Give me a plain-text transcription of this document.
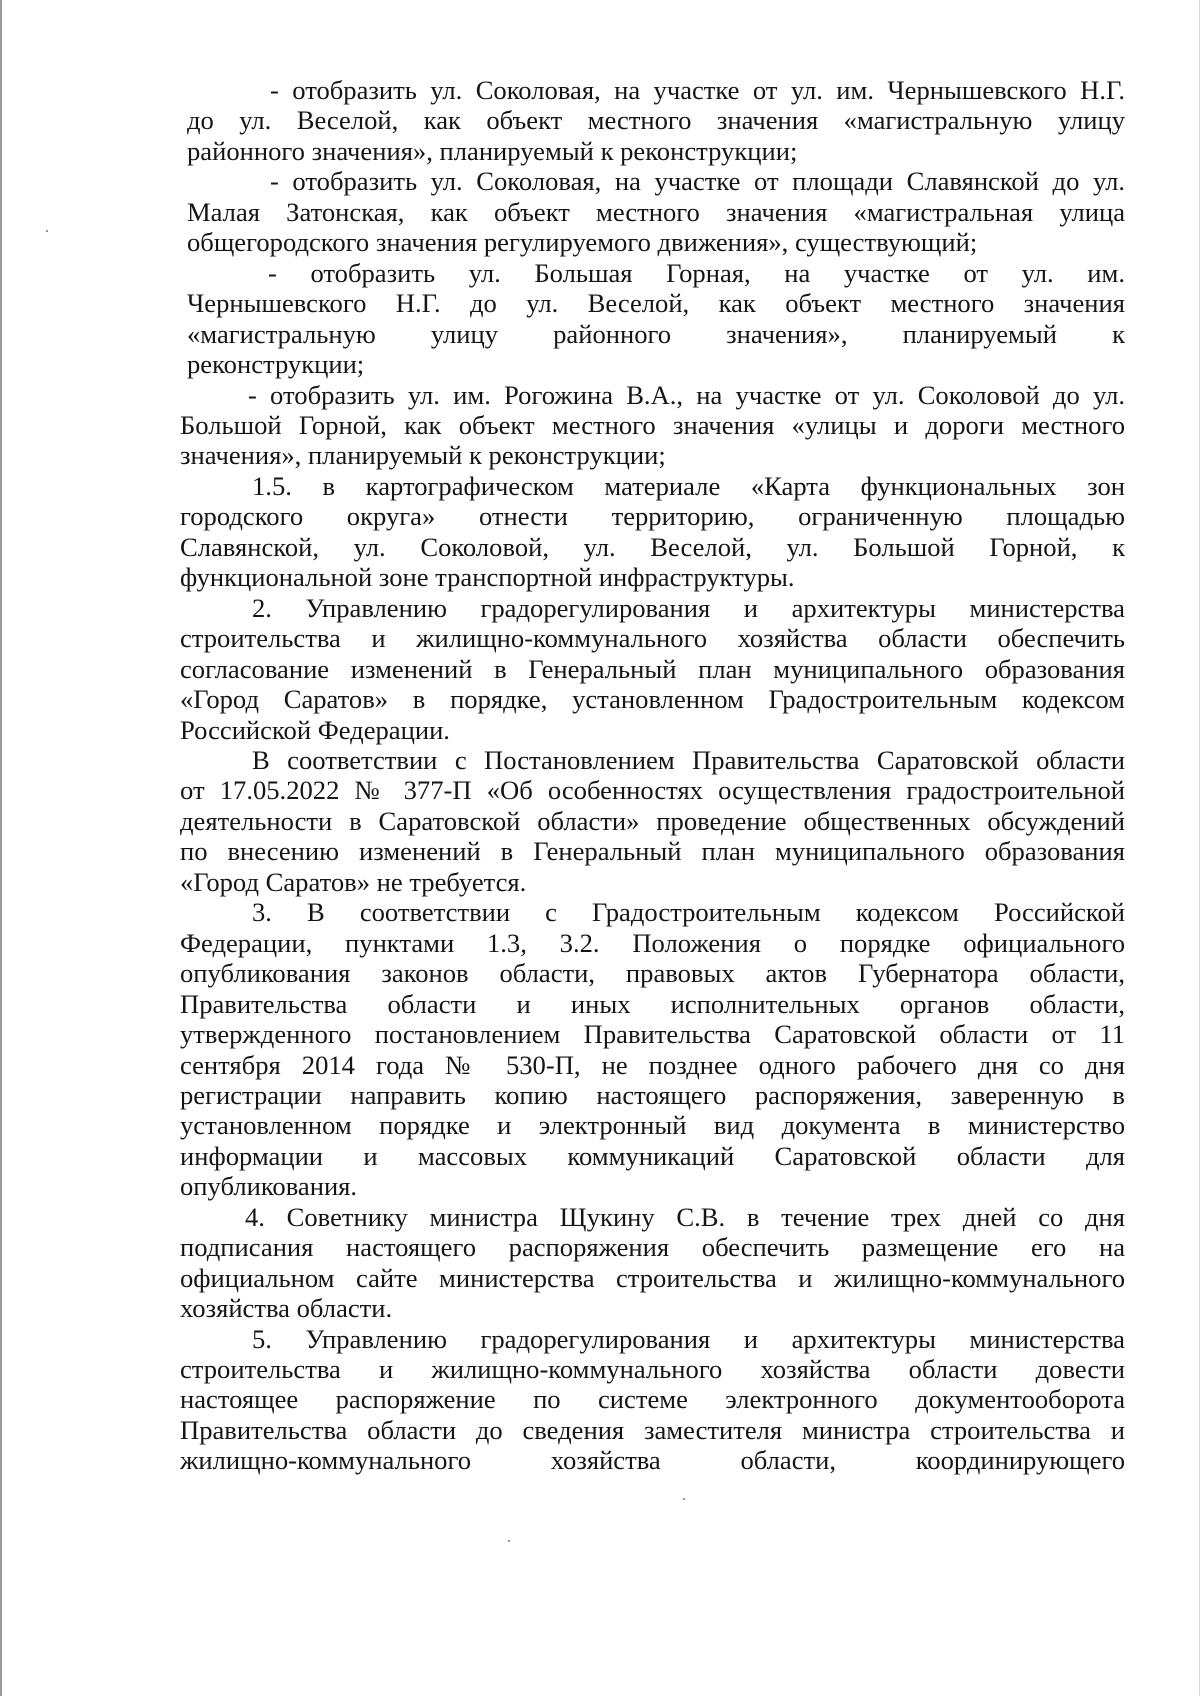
- отобразить ул. Соколовая, на участке от ул. им. Чернышевского Н.Г.
до ул. Веселой, как объект местного значения «магистральную улицу
районного значения», планируемый к реконструкции;
- отобразить ул. Соколовая, на участке от площади Славянской до ул.
Малая Затонская, как объект местного значения «магистральная улица
общегородского значения регулируемого движения», существующий;
- отобразить ул. Большая Горная, на участке от ул. им.
Чернышевского Н.Г. до ул. Веселой, как объект местного значения
«магистральную улицу районного значения», планируемый к
реконструкции;
- отобразить ул. им. Рогожина В.А., на участке от ул. Соколовой до ул.
Большой Горной, как объект местного значения «улицы и дороги местного
значения», планируемый к реконструкции;
1.5. в картографическом материале «Карта функциональных зон
городского округа» отнести территорию, ограниченную площадью
Славянской, ул. Соколовой, ул. Веселой, ул. Большой Горной, к
функциональной зоне транспортной инфраструктуры.
2. Управлению градорегулирования и архитектуры министерства
строительства и жилищно-коммунального хозяйства области обеспечить
согласование изменений в Генеральный план муниципального образования
«Город Саратов» в порядке, установленном Градостроительным кодексом
Российской Федерации.
В соответствии с Постановлением Правительства Саратовской области
от 17.05.2022 № 377-П «Об особенностях осуществления градостроительной
деятельности в Саратовской области» проведение общественных обсуждений
по внесению изменений в Генеральный план муниципального образования
«Город Саратов» не требуется.
3. В соответствии с Градостроительным кодексом Российской
Федерации, пунктами 1.3, 3.2. Положения о порядке официального
опубликования законов области, правовых актов Губернатора области,
Правительства области и иных исполнительных органов области,
утвержденного постановлением Правительства Саратовской области от 11
сентября 2014 года № 530-П, не позднее одного рабочего дня со дня
регистрации направить копию настоящего распоряжения, заверенную в
установленном порядке и электронный вид документа в министерство
информации и массовых коммуникаций Саратовской области для
опубликования.
4. Советнику министра Щукину С.В. в течение трех дней со дня
подписания настоящего распоряжения обеспечить размещение его на
официальном сайте министерства строительства и жилищно-коммунального
хозяйства области.
5. Управлению градорегулирования и архитектуры министерства
строительства и жилищно-коммунального хозяйства области довести
настоящее распоряжение по системе электронного документооборота
Правительства области до сведения заместителя министра строительства и
жилищно-коммунального хозяйства области, координирующего
